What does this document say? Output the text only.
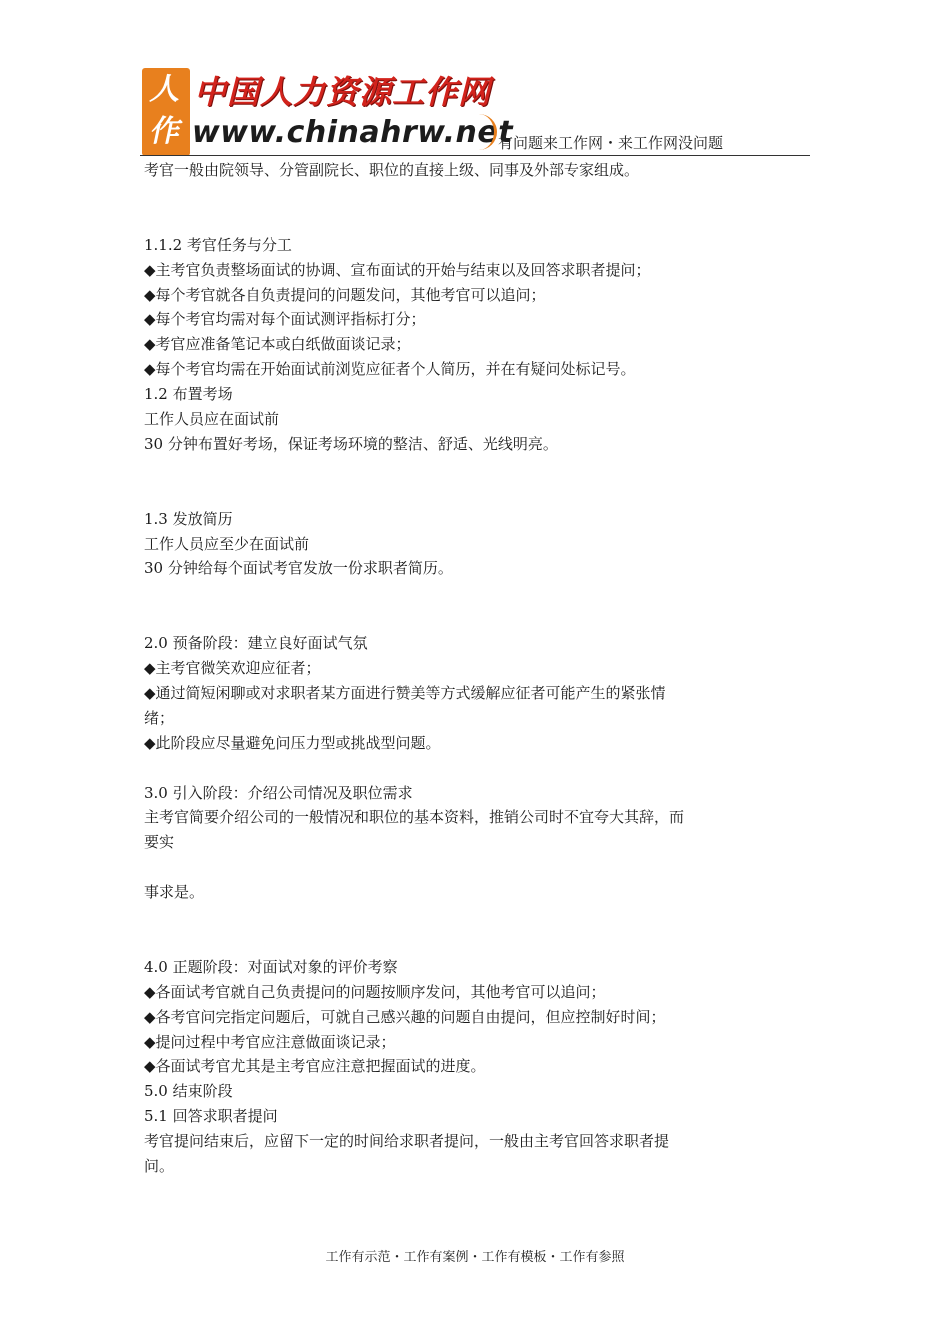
人
作
中国人力资源工作网
www.chinahrw.net
有问题来工作网・来工作网没问题

考官一般由院领导、分管副院长、职位的直接上级、同事及外部专家组成。

1.1.2 考官任务与分工

◆主考官负责整场面试的协调、宣布面试的开始与结束以及回答求职者提问；

◆每个考官就各自负责提问的问题发问，其他考官可以追问；

◆每个考官均需对每个面试测评指标打分；

◆考官应准备笔记本或白纸做面谈记录；

◆每个考官均需在开始面试前浏览应征者个人简历，并在有疑问处标记号。

1.2 布置考场

工作人员应在面试前

30 分钟布置好考场，保证考场环境的整洁、舒适、光线明亮。

1.3 发放简历

工作人员应至少在面试前

30 分钟给每个面试考官发放一份求职者简历。

2.0 预备阶段：建立良好面试气氛

◆主考官微笑欢迎应征者；

◆通过简短闲聊或对求职者某方面进行赞美等方式缓解应征者可能产生的紧张情

绪；

◆此阶段应尽量避免问压力型或挑战型问题。

3.0 引入阶段：介绍公司情况及职位需求

主考官简要介绍公司的一般情况和职位的基本资料，推销公司时不宜夸大其辞，而

要实

事求是。

4.0 正题阶段：对面试对象的评价考察

◆各面试考官就自己负责提问的问题按顺序发问，其他考官可以追问；

◆各考官问完指定问题后，可就自己感兴趣的问题自由提问，但应控制好时间；

◆提问过程中考官应注意做面谈记录；

◆各面试考官尤其是主考官应注意把握面试的进度。

5.0 结束阶段

5.1 回答求职者提问

考官提问结束后，应留下一定的时间给求职者提问，一般由主考官回答求职者提

问。

工作有示范・工作有案例・工作有模板・工作有参照
